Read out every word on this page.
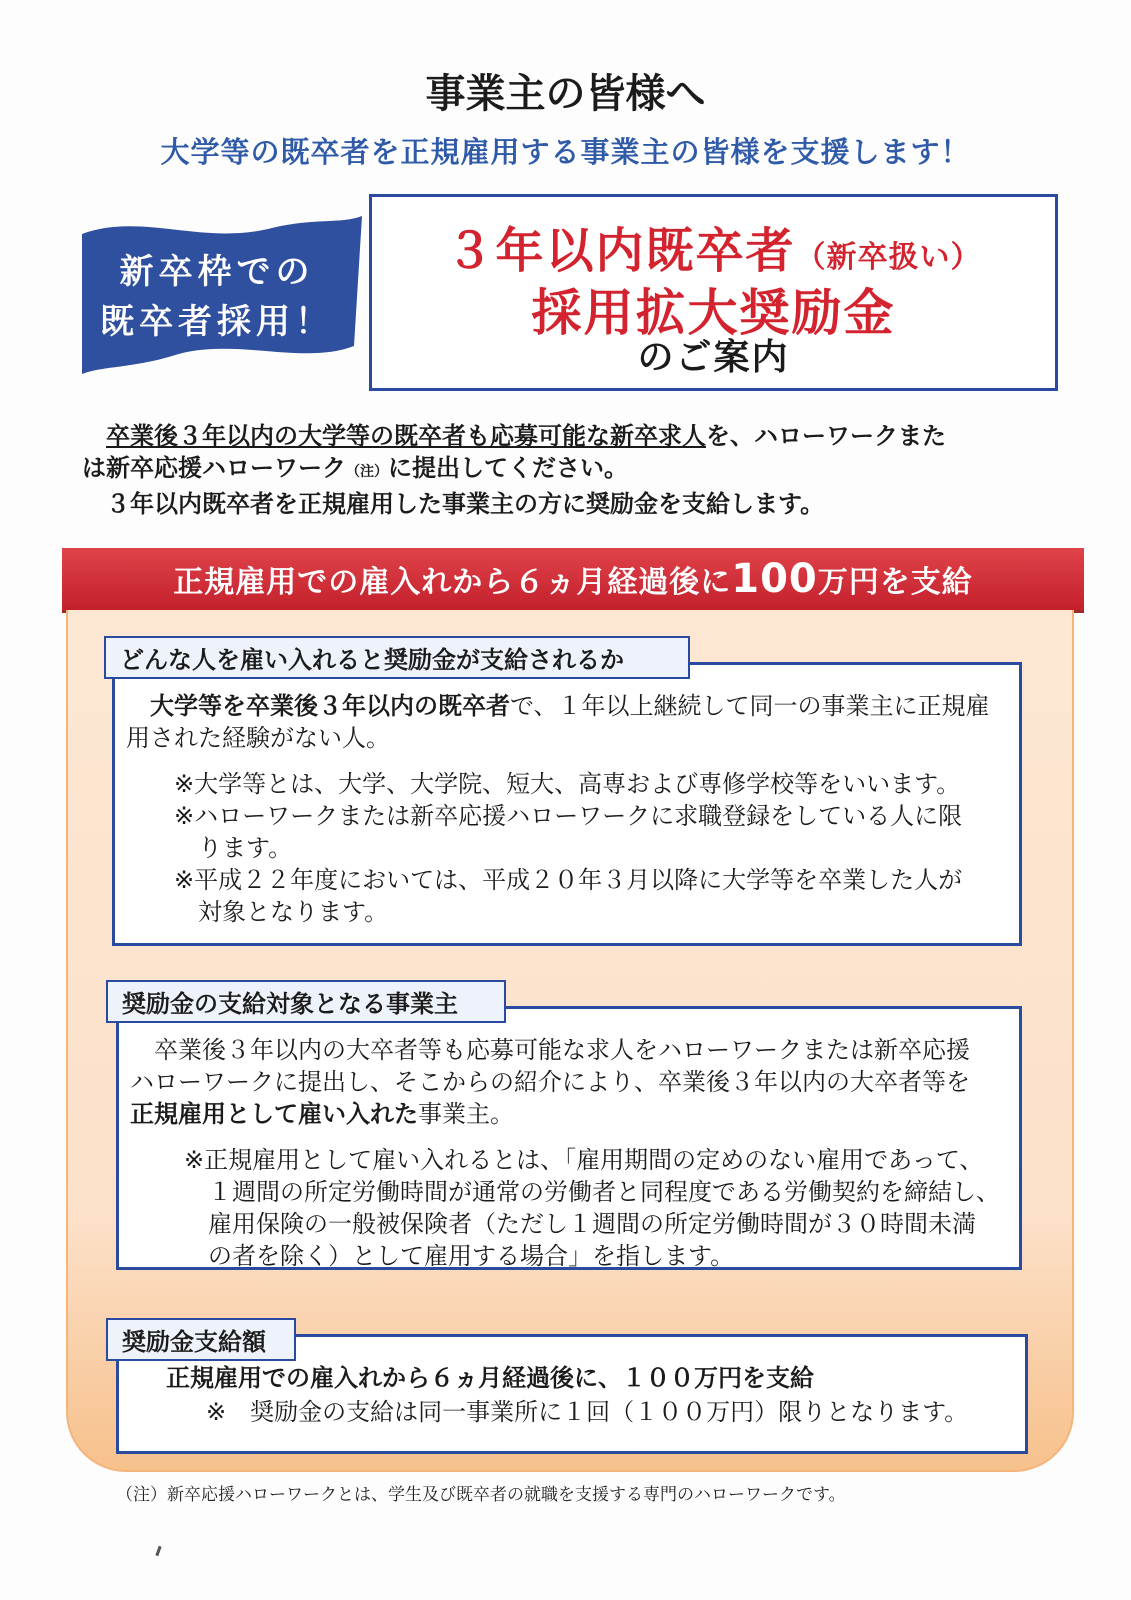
事業主の皆様へ
大学等の既卒者を正規雇用する事業主の皆様を支援します！
新卒枠での
既卒者採用！
３年以内既卒者（新卒扱い）
採用拡大奨励金
のご案内

　卒業後３年以内の大学等の既卒者も応募可能な新卒求人を、ハローワークまた

は新卒応援ハローワーク（注）に提出してください。

　３年以内既卒者を正規雇用した事業主の方に奨励金を支給します。

正規雇用での雇入れから６ヵ月経過後に100万円を支給
どんな人を雇い入れると奨励金が支給されるか

　大学等を卒業後３年以内の既卒者で、１年以上継続して同一の事業主に正規雇

用された経験がない人。

※大学等とは、大学、大学院、短大、高専および専修学校等をいいます。

※ハローワークまたは新卒応援ハローワークに求職登録をしている人に限

ります。

※平成２２年度においては、平成２０年３月以降に大学等を卒業した人が

対象となります。

奨励金の支給対象となる事業主

　卒業後３年以内の大卒者等も応募可能な求人をハローワークまたは新卒応援

ハローワークに提出し、そこからの紹介により、卒業後３年以内の大卒者等を

正規雇用として雇い入れた事業主。

※正規雇用として雇い入れるとは、「雇用期間の定めのない雇用であって、

１週間の所定労働時間が通常の労働者と同程度である労働契約を締結し、

雇用保険の一般被保険者（ただし１週間の所定労働時間が３０時間未満

の者を除く）として雇用する場合」を指します。

奨励金支給額

正規雇用での雇入れから６ヵ月経過後に、１００万円を支給

※　奨励金の支給は同一事業所に１回（１００万円）限りとなります。

（注）新卒応援ハローワークとは、学生及び既卒者の就職を支援する専門のハローワークです。
